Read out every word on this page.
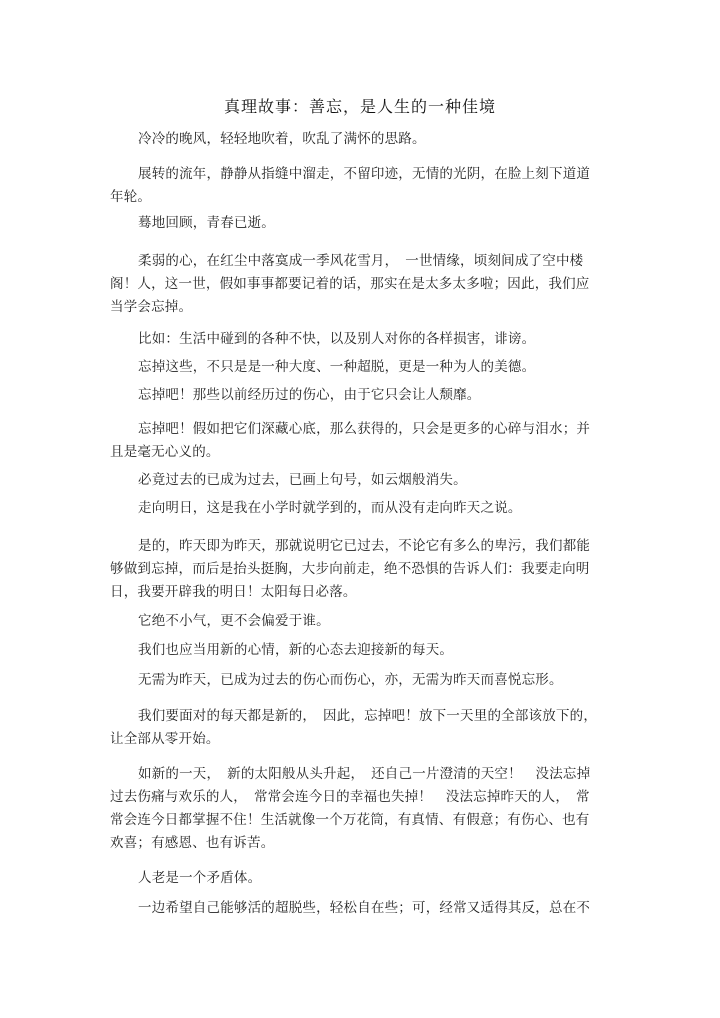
真理故事：善忘，是人生的一种佳境

冷冷的晚风，轻轻地吹着，吹乱了满怀的思路。

展转的流年，静静从指缝中溜走，不留印迹，无情的光阴，在脸上刻下道道年轮。

蓦地回顾，青春已逝。

柔弱的心，在红尘中落寞成一季风花雪月，　一世情缘，顷刻间成了空中楼阁！人，这一世，假如事事都要记着的话，那实在是太多太多啦；因此，我们应当学会忘掉。

比如：生活中碰到的各种不快，以及别人对你的各样损害，诽谤。

忘掉这些，不只是是一种大度、一种超脱，更是一种为人的美德。

忘掉吧！那些以前经历过的伤心，由于它只会让人颓靡。

忘掉吧！假如把它们深藏心底，那么获得的，只会是更多的心碎与泪水；并且是毫无心义的。

必竟过去的已成为过去，已画上句号，如云烟般消失。

走向明日，这是我在小学时就学到的，而从没有走向昨天之说。

是的，昨天即为昨天，那就说明它已过去，不论它有多么的卑污，我们都能够做到忘掉，而后是抬头挺胸，大步向前走，绝不恐惧的告诉人们：我要走向明日，我要开辟我的明日！太阳每日必落。

它绝不小气，更不会偏爱于谁。

我们也应当用新的心情，新的心态去迎接新的每天。

无需为昨天，已成为过去的伤心而伤心，亦，无需为昨天而喜悦忘形。

我们要面对的每天都是新的，　因此，忘掉吧！放下一天里的全部该放下的，让全部从零开始。

如新的一天，　新的太阳般从头升起，　还自己一片澄清的天空！　没法忘掉过去伤痛与欢乐的人，　常常会连今日的幸福也失掉！　没法忘掉昨天的人，　常常会连今日都掌握不住！生活就像一个万花筒，有真情、有假意；有伤心、也有欢喜；有感恩、也有诉苦。

人老是一个矛盾体。

一边希望自己能够活的超脱些，轻松自在些；可，经常又适得其反，总在不
